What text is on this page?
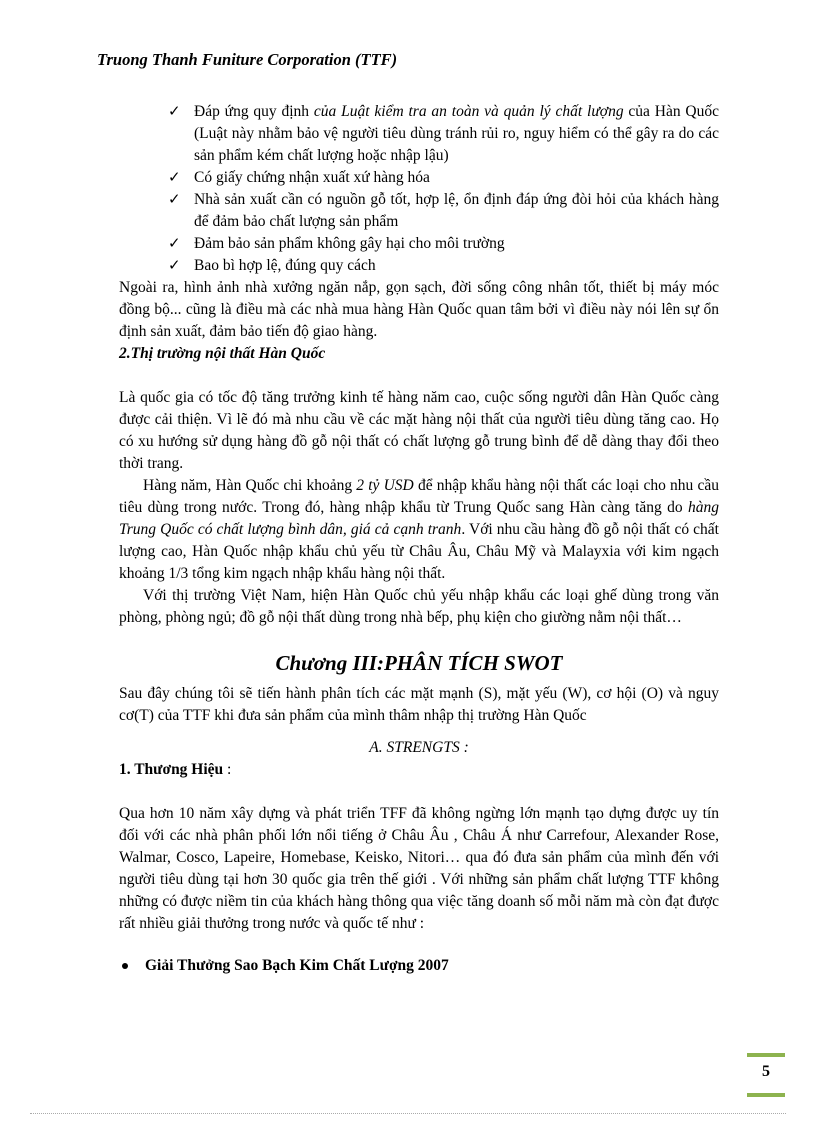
Truong Thanh Funiture Corporation (TTF)
✓ Đáp ứng quy định của Luật kiểm tra an toàn và quản lý chất lượng của Hàn Quốc (Luật này nhằm bảo vệ người tiêu dùng tránh rủi ro, nguy hiểm có thể gây ra do các sản phẩm kém chất lượng hoặc nhập lậu)
✓ Có giấy chứng nhận xuất xứ hàng hóa
✓ Nhà sản xuất cần có nguồn gỗ tốt, hợp lệ, ổn định đáp ứng đòi hỏi của khách hàng để đảm bảo chất lượng sản phẩm
✓ Đảm bảo sản phẩm không gây hại cho môi trường
✓ Bao bì hợp lệ, đúng quy cách

Ngoài ra, hình ảnh nhà xưởng ngăn nắp, gọn sạch, đời sống công nhân tốt, thiết bị máy móc đồng bộ... cũng là điều mà các nhà mua hàng Hàn Quốc quan tâm bởi vì điều này nói lên sự ổn định sản xuất, đảm bảo tiến độ giao hàng.

2.Thị trường nội thất Hàn Quốc

Là quốc gia có tốc độ tăng trưởng kinh tế hàng năm cao, cuộc sống người dân Hàn Quốc càng được cải thiện. Vì lẽ đó mà nhu cầu về các mặt hàng nội thất của người tiêu dùng tăng cao. Họ có xu hướng sử dụng hàng đồ gỗ nội thất có chất lượng gỗ trung bình để dễ dàng thay đổi theo thời trang.

Hàng năm, Hàn Quốc chi khoảng 2 tỷ USD để nhập khẩu hàng nội thất các loại cho nhu cầu tiêu dùng trong nước. Trong đó, hàng nhập khẩu từ Trung Quốc sang Hàn càng tăng do hàng Trung Quốc có chất lượng bình dân, giá cả cạnh tranh. Với nhu cầu hàng đồ gỗ nội thất có chất lượng cao, Hàn Quốc nhập khẩu chủ yếu từ Châu Âu, Châu Mỹ và Malayxia với kim ngạch khoảng 1/3 tổng kim ngạch nhập khẩu hàng nội thất.

Với thị trường Việt Nam, hiện Hàn Quốc chủ yếu nhập khẩu các loại ghế dùng trong văn phòng, phòng ngủ; đồ gỗ nội thất dùng trong nhà bếp, phụ kiện cho giường nằm nội thất…

Chương III:PHÂN TÍCH SWOT

Sau đây chúng tôi sẽ tiến hành phân tích các mặt mạnh (S), mặt yếu (W), cơ hội (O) và nguy cơ(T) của TTF khi đưa sản phẩm của mình thâm nhập thị trường Hàn Quốc

A. STRENGTS :

1. Thương Hiệu :

Qua hơn 10 năm xây dựng và phát triển TFF đã không ngừng lớn mạnh tạo dựng được uy tín đối với các nhà phân phối lớn nổi tiếng ở Châu Âu , Châu Á như Carrefour, Alexander Rose, Walmar, Cosco, Lapeire, Homebase, Keisko, Nitori… qua đó đưa sản phẩm của mình đến với người tiêu dùng tại hơn 30 quốc gia trên thế giới . Với những sản phẩm chất lượng TTF không những có được niềm tin của khách hàng thông qua việc tăng doanh số mỗi năm mà còn đạt được rất nhiều giải thưởng trong nước và quốc tế như :

Giải Thưởng Sao Bạch Kim Chất Lượng 2007
5
